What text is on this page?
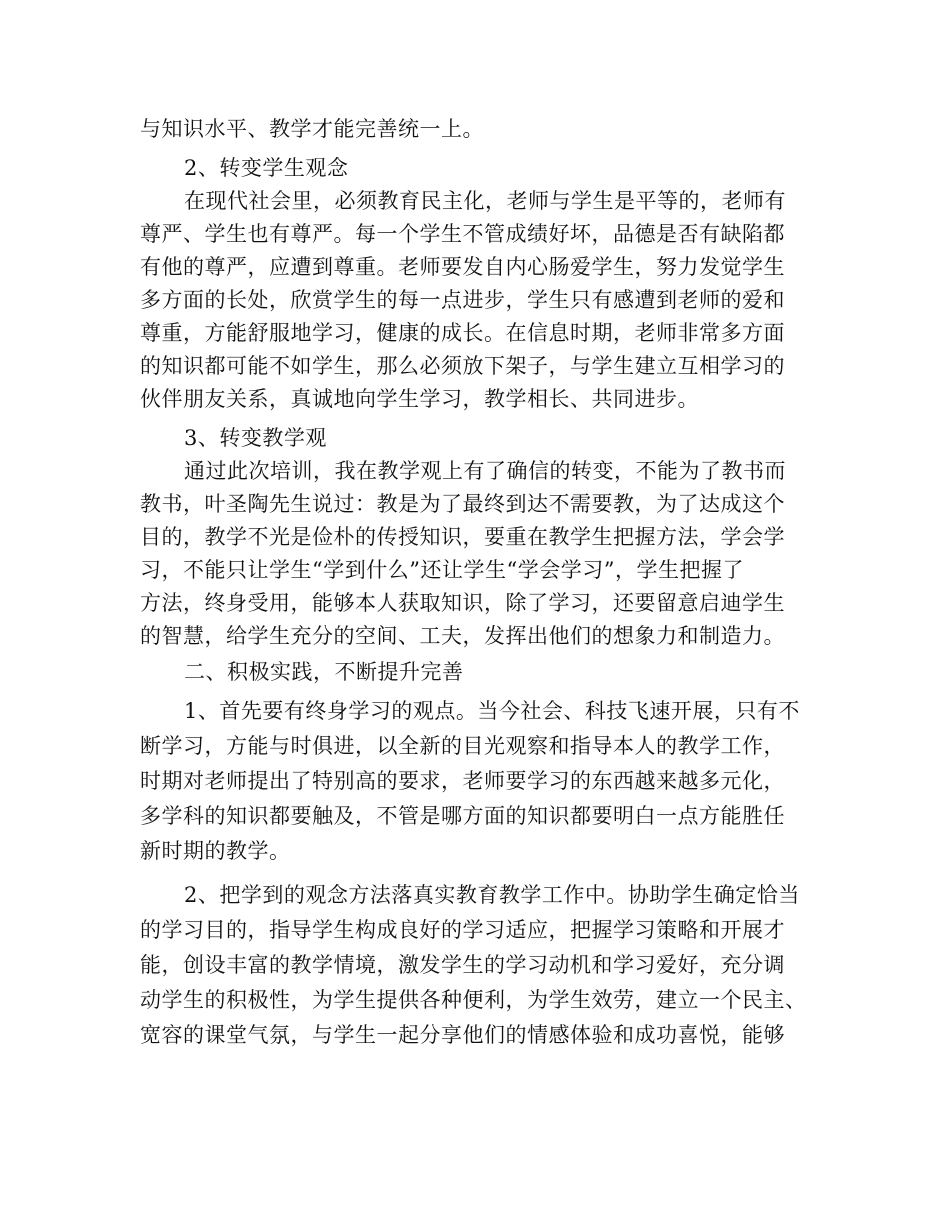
与知识水平、教学才能完善统一上。
2、转变学生观念
在现代社会里，必须教育民主化，老师与学生是平等的，老师有
尊严、学生也有尊严。每一个学生不管成绩好坏，品德是否有缺陷都
有他的尊严，应遭到尊重。老师要发自内心肠爱学生，努力发觉学生
多方面的长处，欣赏学生的每一点进步，学生只有感遭到老师的爱和
尊重，方能舒服地学习，健康的成长。在信息时期，老师非常多方面
的知识都可能不如学生，那么必须放下架子，与学生建立互相学习的
伙伴朋友关系，真诚地向学生学习，教学相长、共同进步。
3、转变教学观
通过此次培训，我在教学观上有了确信的转变，不能为了教书而
教书，叶圣陶先生说过：教是为了最终到达不需要教，为了达成这个
目的，教学不光是俭朴的传授知识，要重在教学生把握方法，学会学
习，不能只让学生“学到什么”还让学生“学会学习”，学生把握了
方法，终身受用，能够本人获取知识，除了学习，还要留意启迪学生
的智慧，给学生充分的空间、工夫，发挥出他们的想象力和制造力。
二、积极实践，不断提升完善
1、首先要有终身学习的观点。当今社会、科技飞速开展，只有不
断学习，方能与时俱进，以全新的目光观察和指导本人的教学工作，
时期对老师提出了特别高的要求，老师要学习的东西越来越多元化，
多学科的知识都要触及，不管是哪方面的知识都要明白一点方能胜任
新时期的教学。
2、把学到的观念方法落真实教育教学工作中。协助学生确定恰当
的学习目的，指导学生构成良好的学习适应，把握学习策略和开展才
能，创设丰富的教学情境，激发学生的学习动机和学习爱好，充分调
动学生的积极性，为学生提供各种便利，为学生效劳，建立一个民主、
宽容的课堂气氛，与学生一起分享他们的情感体验和成功喜悦，能够
